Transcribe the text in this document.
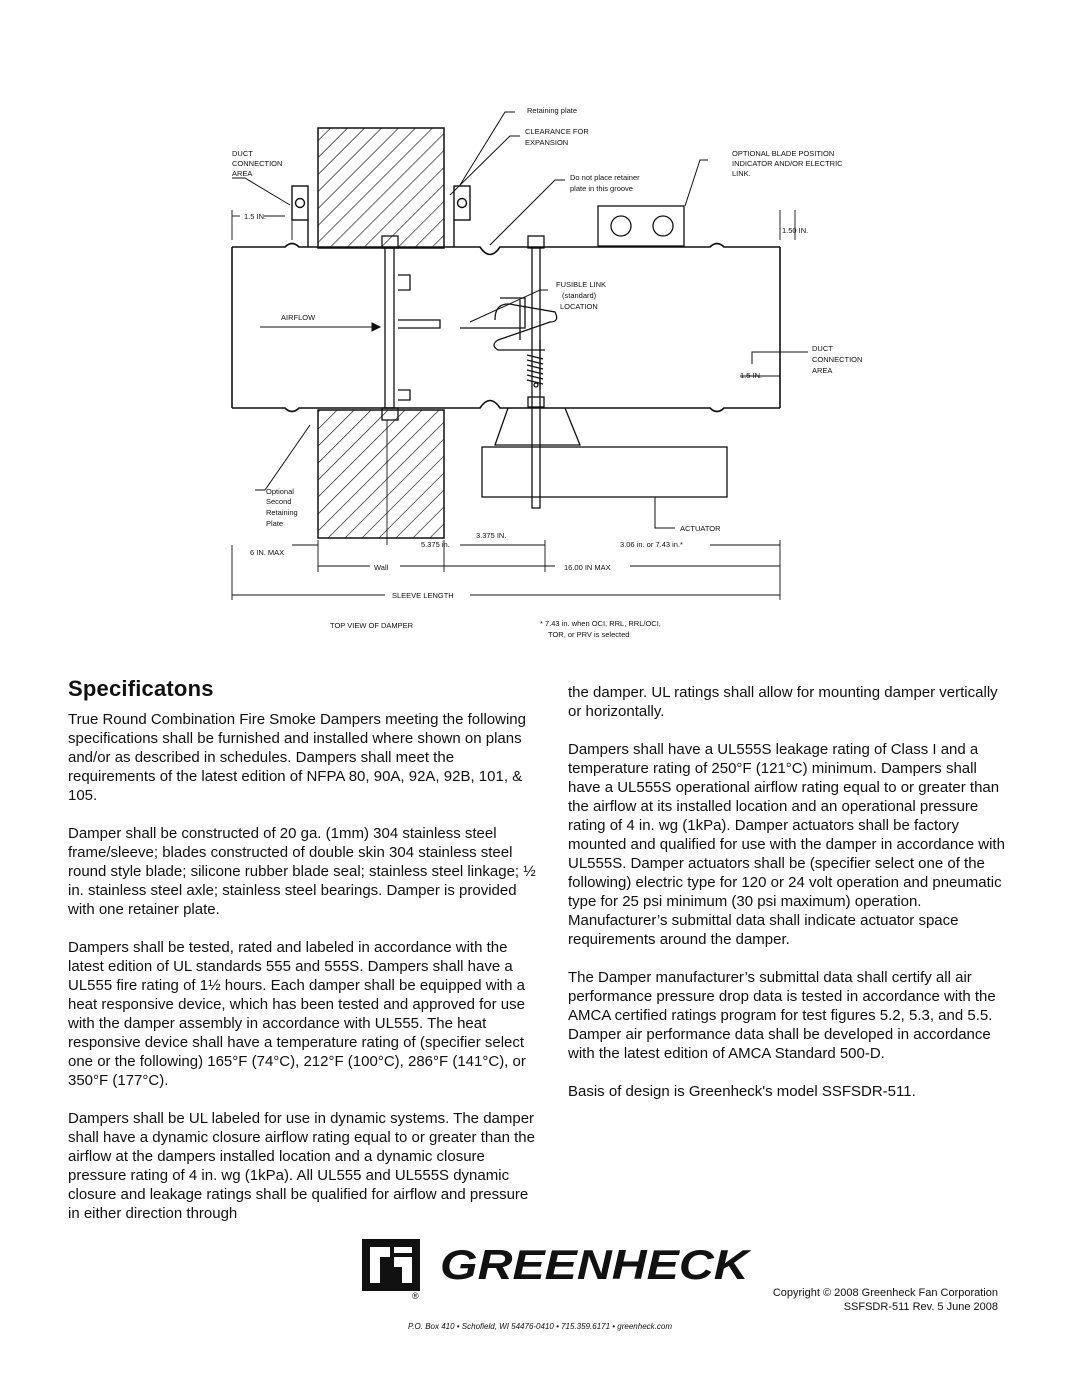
Retaining plate
CLEARANCE FOR
EXPANSION
DUCT
CONNECTION
AREA	Do not place retainer
plate in this groove
OPTIONAL BLADE POSITION
INDICATOR AND/OR ELECTRIC
LINK.
1.5 IN.
1.50 IN.
FUSIBLE LINK
(standard)
LOCATION
AIRFLOW
DUCT
CONNECTION
AREA
1.5 IN.
Optional
Second
Retaining
Plate
ACTUATOR
3.375 IN.
5.375 in.	3.06 in. or 7.43 in.*
6 IN. MAX
Wall	16.00 IN MAX
SLEEVE LENGTH
TOP VIEW OF DAMPER	* 7.43 in. when OCI, RRL, RRL/OCI,
TOR, or PRV is selected
Specificatons

True Round Combination Fire Smoke Dampers meeting the following specifications shall be furnished and installed where shown on plans and/or as described in schedules. Dampers shall meet the requirements of the latest edition of NFPA 80, 90A, 92A, 92B, 101, & 105.

Damper shall be constructed of 20 ga. (1mm) 304 stainless steel frame/sleeve; blades constructed of double skin 304 stainless steel round style blade; silicone rubber blade seal; stainless steel linkage; ½ in. stainless steel axle; stainless steel bearings. Damper is provided with one retainer plate.

Dampers shall be tested, rated and labeled in accordance with the latest edition of UL standards 555 and 555S. Dampers shall have a UL555 fire rating of 1½ hours. Each damper shall be equipped with a heat responsive device, which has been tested and approved for use with the damper assembly in accordance with UL555. The heat responsive device shall have a temperature rating of (specifier select one or the following) 165°F (74°C), 212°F (100°C), 286°F (141°C), or 350°F (177°C).

Dampers shall be UL labeled for use in dynamic systems. The damper shall have a dynamic closure airflow rating equal to or greater than the airflow at the dampers installed location and a dynamic closure pressure rating of 4 in. wg (1kPa). All UL555 and UL555S dynamic closure and leakage ratings shall be qualified for airflow and pressure in either direction through

the damper. UL ratings shall allow for mounting damper vertically or horizontally.

Dampers shall have a UL555S leakage rating of Class I and a temperature rating of 250°F (121°C) minimum. Dampers shall have a UL555S operational airflow rating equal to or greater than the airflow at its installed location and an operational pressure rating of 4 in. wg (1kPa). Damper actuators shall be factory mounted and qualified for use with the damper in accordance with UL555S. Damper actuators shall be (specifier select one of the following) electric type for 120 or 24 volt operation and pneumatic type for 25 psi minimum (30 psi maximum) operation. Manufacturer’s submittal data shall indicate actuator space requirements around the damper.

The Damper manufacturer’s submittal data shall certify all air performance pressure drop data is tested in accordance with the AMCA certified ratings program for test figures 5.2, 5.3, and 5.5. Damper air performance data shall be developed in accordance with the latest edition of AMCA Standard 500-D.

Basis of design is Greenheck's model SSFSDR-511.

®
GREENHECK
Copyright © 2008 Greenheck Fan Corporation
SSFSDR-511 Rev. 5 June 2008
P.O. Box 410 • Schofield, WI 54476-0410 • 715.359.6171 • greenheck.com
